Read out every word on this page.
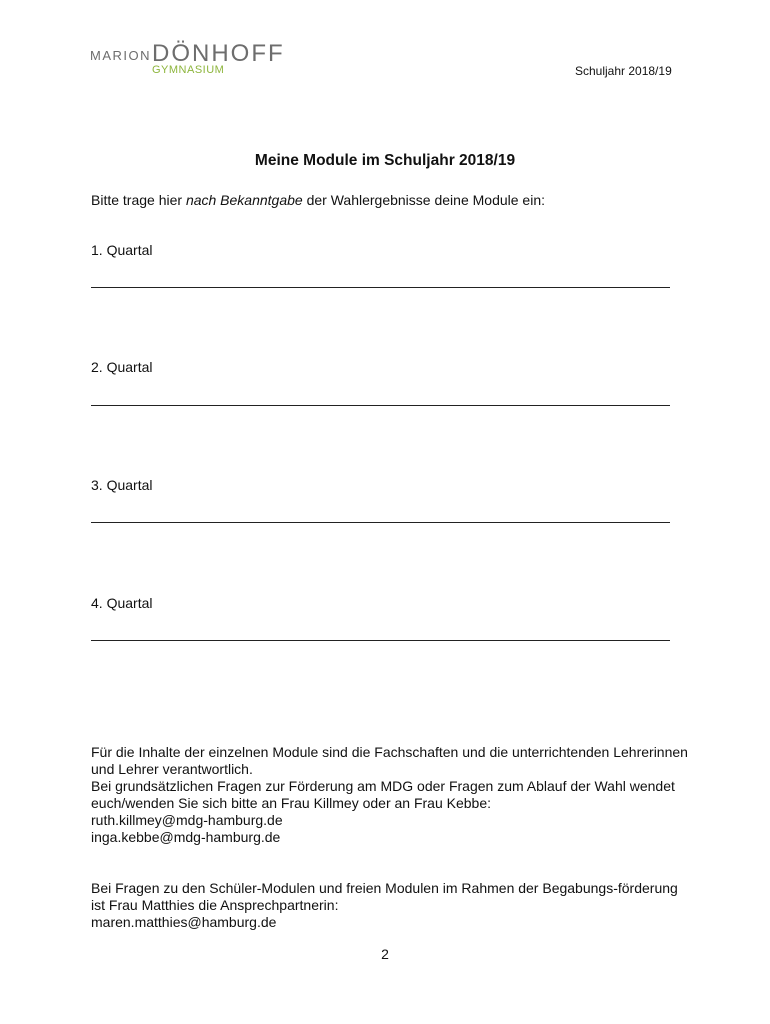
MARION DÖNHOFF
GYMNASIUM	Schuljahr 2018/19
Meine Module im Schuljahr 2018/19
Bitte trage hier nach Bekanntgabe der Wahlergebnisse deine Module ein:
1. Quartal
2. Quartal
3. Quartal
4. Quartal
Für die Inhalte der einzelnen Module sind die Fachschaften und die unterrichtenden Lehrerinnen und Lehrer verantwortlich.
Bei grundsätzlichen Fragen zur Förderung am MDG oder Fragen zum Ablauf der Wahl wendet euch/wenden Sie sich bitte an Frau Killmey oder an Frau Kebbe:
ruth.killmey@mdg-hamburg.de
inga.kebbe@mdg-hamburg.de
Bei Fragen zu den Schüler-Modulen und freien Modulen im Rahmen der Begabungs-förderung ist Frau Matthies die Ansprechpartnerin:
maren.matthies@hamburg.de
2
